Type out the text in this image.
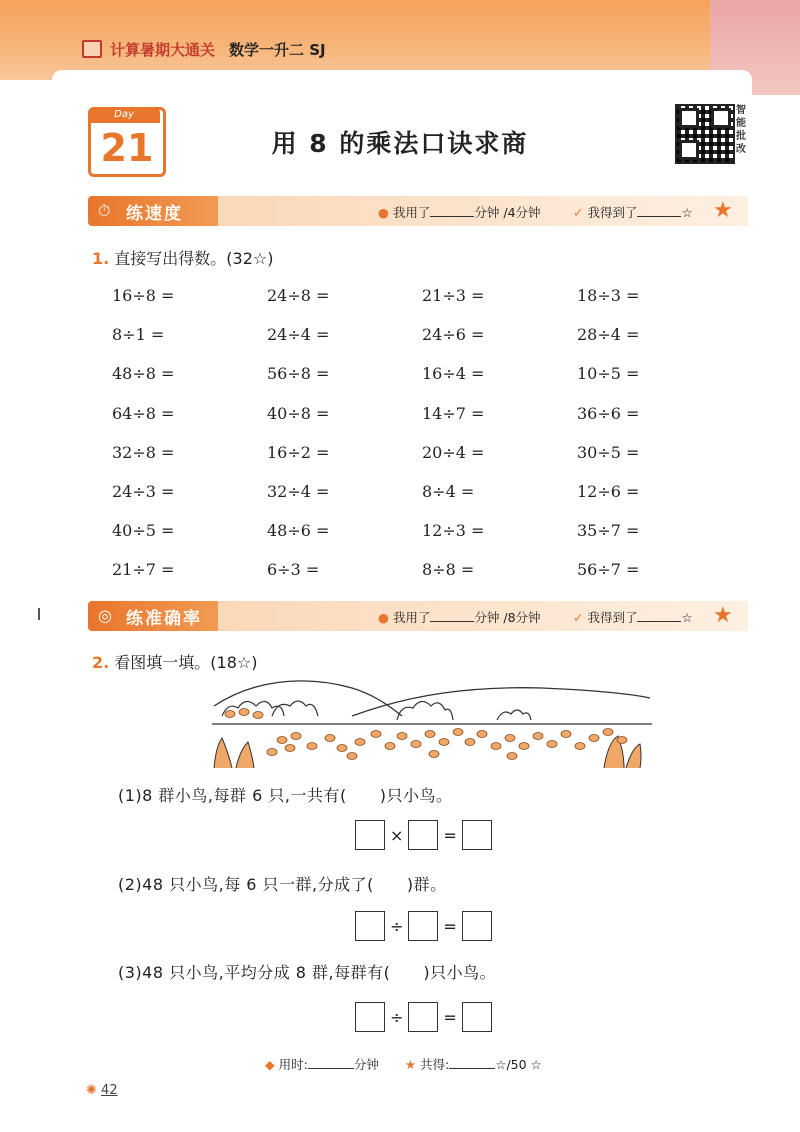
计算暑期大通关 数学一升二 SJ
Day
21	用 8 的乘法口诀求商
智能批改
⏱ 练速度	● 我用了	分钟 /4分钟	✓ 我得到了	☆ ★
1. 直接写出得数。(32☆)
16÷8 =	24÷8 =	21÷3 =	18÷3 =
8÷1 =	24÷4 =	24÷6 =	28÷4 =
48÷8 =	56÷8 =	16÷4 =	10÷5 =
64÷8 =	40÷8 =	14÷7 =	36÷6 =
32÷8 =	16÷2 =	20÷4 =	30÷5 =
24÷3 =	32÷4 =	8÷4 =	12÷6 =
40÷5 =	48÷6 =	12÷3 =	35÷7 =
21÷7 =	6÷3 =	8÷8 =	56÷7 =
◎ 练准确率	● 我用了	分钟 /8分钟	✓ 我得到了	☆ ★
2. 看图填一填。(18☆)
(1)8 群小鸟,每群 6 只,一共有(　　)只小鸟。
×	=
(2)48 只小鸟,每 6 只一群,分成了(　　)群。
÷	=
(3)48 只小鸟,平均分成 8 群,每群有(　　)只小鸟。
÷	=
◆ 用时:	分钟 ★ 共得:	☆/50 ☆
✺ 42
